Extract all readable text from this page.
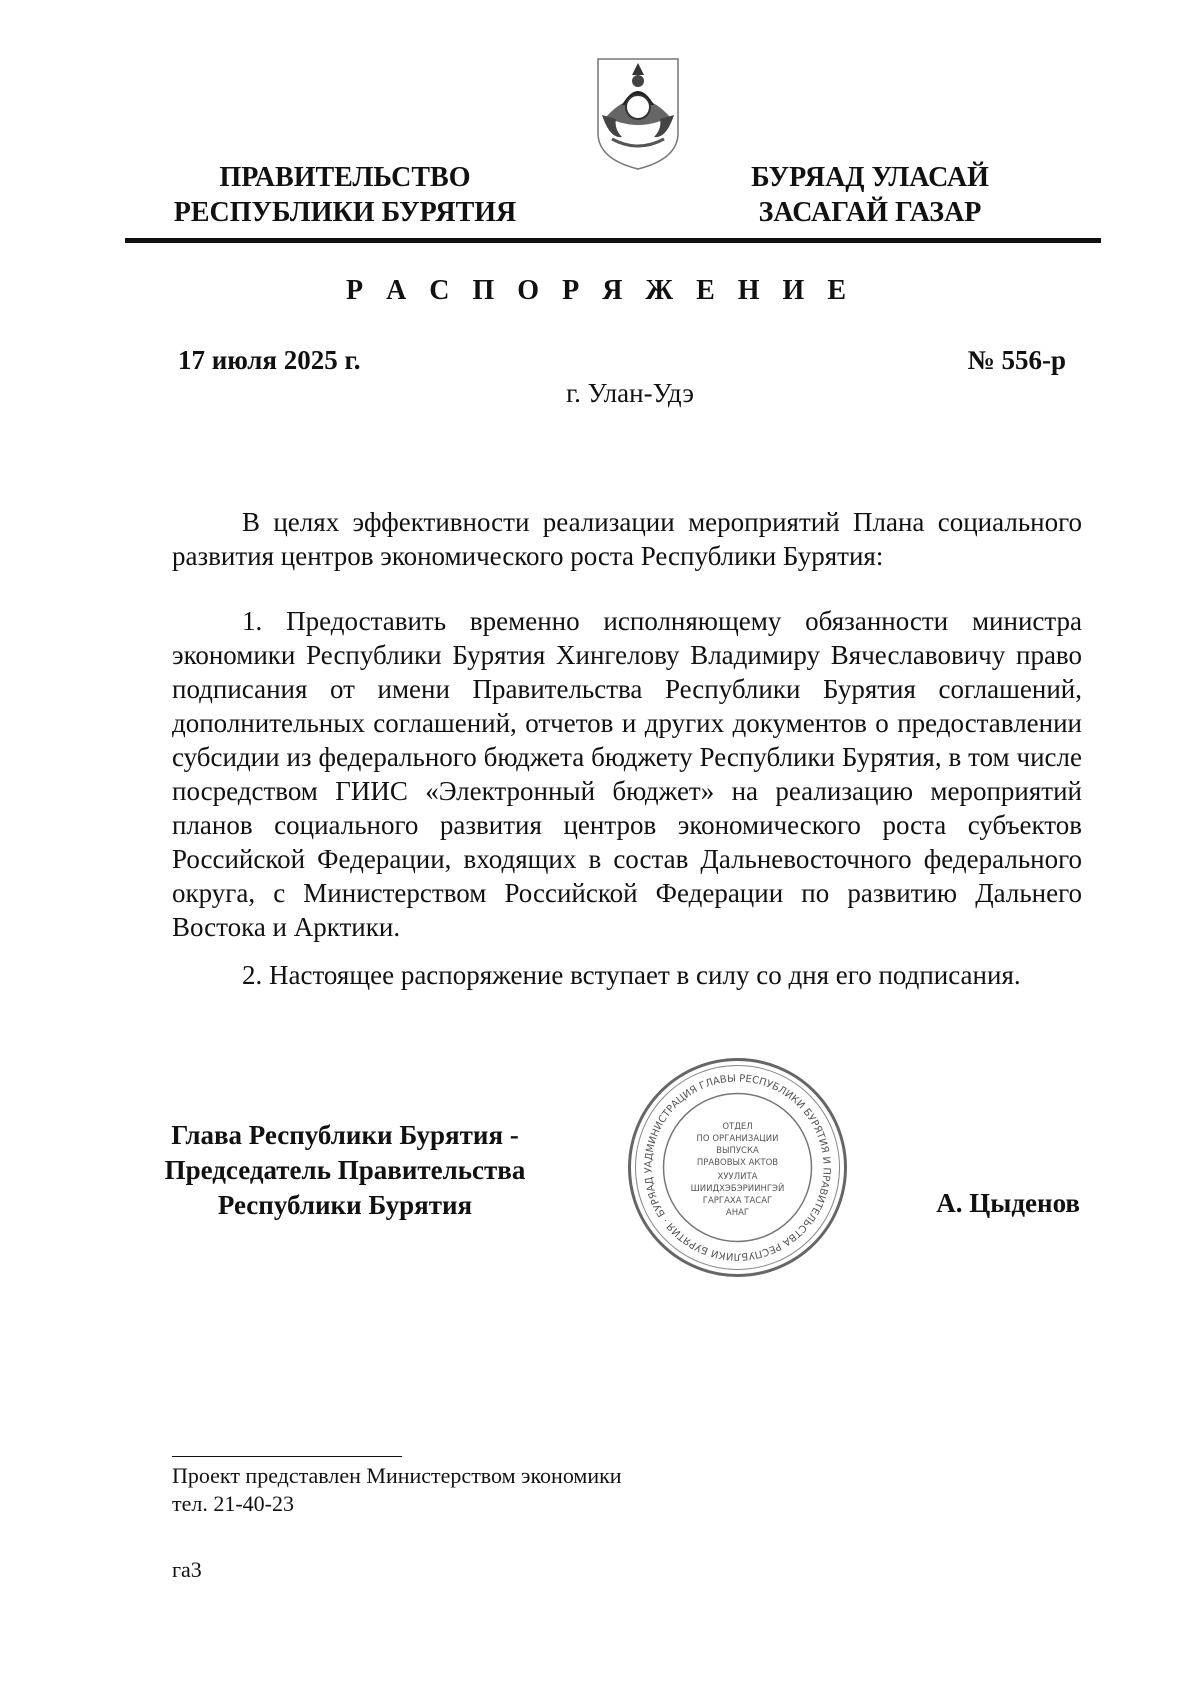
ПРАВИТЕЛЬСТВО
РЕСПУБЛИКИ БУРЯТИЯ
БУРЯАД УЛАСАЙ
ЗАСАГАЙ ГАЗАР
Р А С П О Р Я Ж Е Н И Е
17 июля 2025 г.	№ 556-р
г. Улан-Удэ

В целях эффективности реализации мероприятий Плана социального развития центров экономического роста Республики Бурятия:

1. Предоставить временно исполняющему обязанности министра экономики Республики Бурятия Хингелову Владимиру Вячеславовичу право подписания от имени Правительства Республики Бурятия соглашений, дополнительных соглашений, отчетов и других документов о предоставлении субсидии из федерального бюджета бюджету Республики Бурятия, в том числе посредством ГИИС «Электронный бюджет» на реализацию мероприятий планов социального развития центров экономического роста субъектов Российской Федерации, входящих в состав Дальневосточного федерального округа, с Министерством Российской Федерации по развитию Дальнего Востока и Арктики.

2. Настоящее распоряжение вступает в силу со дня его подписания.

Глава Республики Бурятия -
Председатель Правительства
Республики Бурятия
АДМИНИСТРАЦИЯ ГЛАВЫ РЕСПУБЛИКИ БУРЯТИЯ И ПРАВИТЕЛЬСТВА РЕСПУБЛИКИ БУРЯТИЯ · БУРЯАД У
ОТДЕЛ
ПО ОРГАНИЗАЦИИ
ВЫПУСКА
ПРАВОВЫХ АКТОВ
ХУУЛИТА
ШИИДХЭБЭРИИНГЭЙ
ГАРГАХА ТАСАГ
АНАГ	А. Цыденов
Проект представлен Министерством экономики
тел. 21-40-23
га3
